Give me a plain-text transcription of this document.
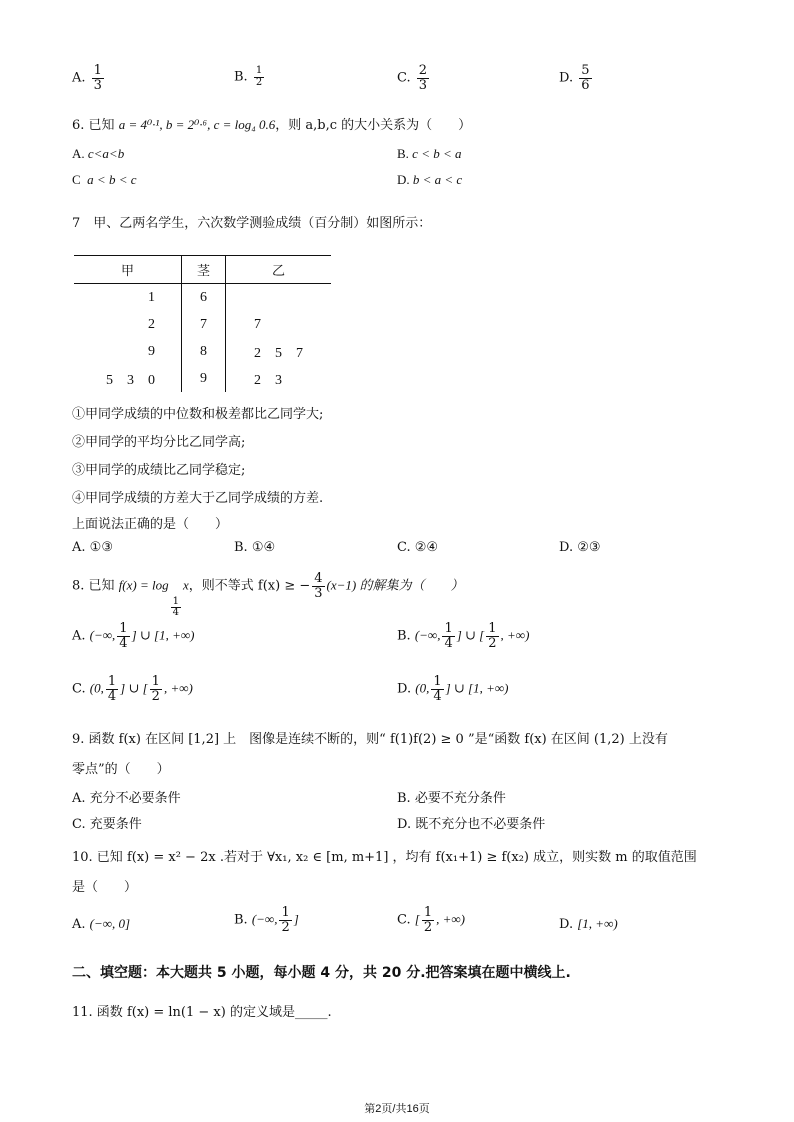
A. $\frac{1}{3}$	B. $\frac{1}{2}$	C. $\frac{2}{3}$	D. $\frac{5}{6}$
6. 已知 a = 4⁰·¹, b = 2⁰·⁶, c = log₄ 0.6，则 a,b,c 的大小关系为（　　）
A. c<a<b	B. c < b < a
C a < b < c	D. b < a < c
7　甲、乙两名学生，六次数学测验成绩（百分制）如图所示：
甲	茎	乙
1	6	
2	7	7
9	8	2　5　7
5　3　0	9	2　3
①甲同学成绩的中位数和极差都比乙同学大;
②甲同学的平均分比乙同学高;
③甲同学的成绩比乙同学稳定;
④甲同学成绩的方差大于乙同学成绩的方差.
上面说法正确的是（　　）
A. ①③	B. ①④	C. ②④	D. ②③
8. 已知 f(x) = log
$\frac{1}{4}$
x，则不等式 f(x) ≥ − $\frac{4}{3} (x-1)$ 的解集为（　　）
A. (−∞, $\frac{1}{4}$ ] ∪ [1, +∞)	B. (−∞, $\frac{1}{4}$ ] ∪ [ $\frac{1}{2}$ , +∞)
C. (0, $\frac{1}{4}$ ] ∪ [ $\frac{1}{2}$ , +∞)	D. (0, $\frac{1}{4}$ ] ∪ [1, +∞)
9. 函数 f(x) 在区间 [1,2] 上　图像是连续不断的，则“ f(1)f(2) ≥ 0 ”是“函数 f(x) 在区间 (1,2) 上没有
零点”的（　　）
A. 充分不必要条件	B. 必要不充分条件
C. 充要条件	D. 既不充分也不必要条件
10. 已知 f(x) = x² − 2x .若对于 ∀x₁, x₂ ∈ [m, m+1] ，均有 f(x₁+1) ≥ f(x₂) 成立，则实数 m 的取值范围
是（　　）
A. (−∞, 0]	B. (−∞, $\frac{1}{2}$ ]	C. [ $\frac{1}{2}$ , +∞)	D. [1, +∞)
二、填空题：本大题共 5 小题，每小题 4 分，共 20 分.把答案填在题中横线上.
11. 函数 f(x) = ln(1 − x) 的定义域是_____.
第2页/共16页
